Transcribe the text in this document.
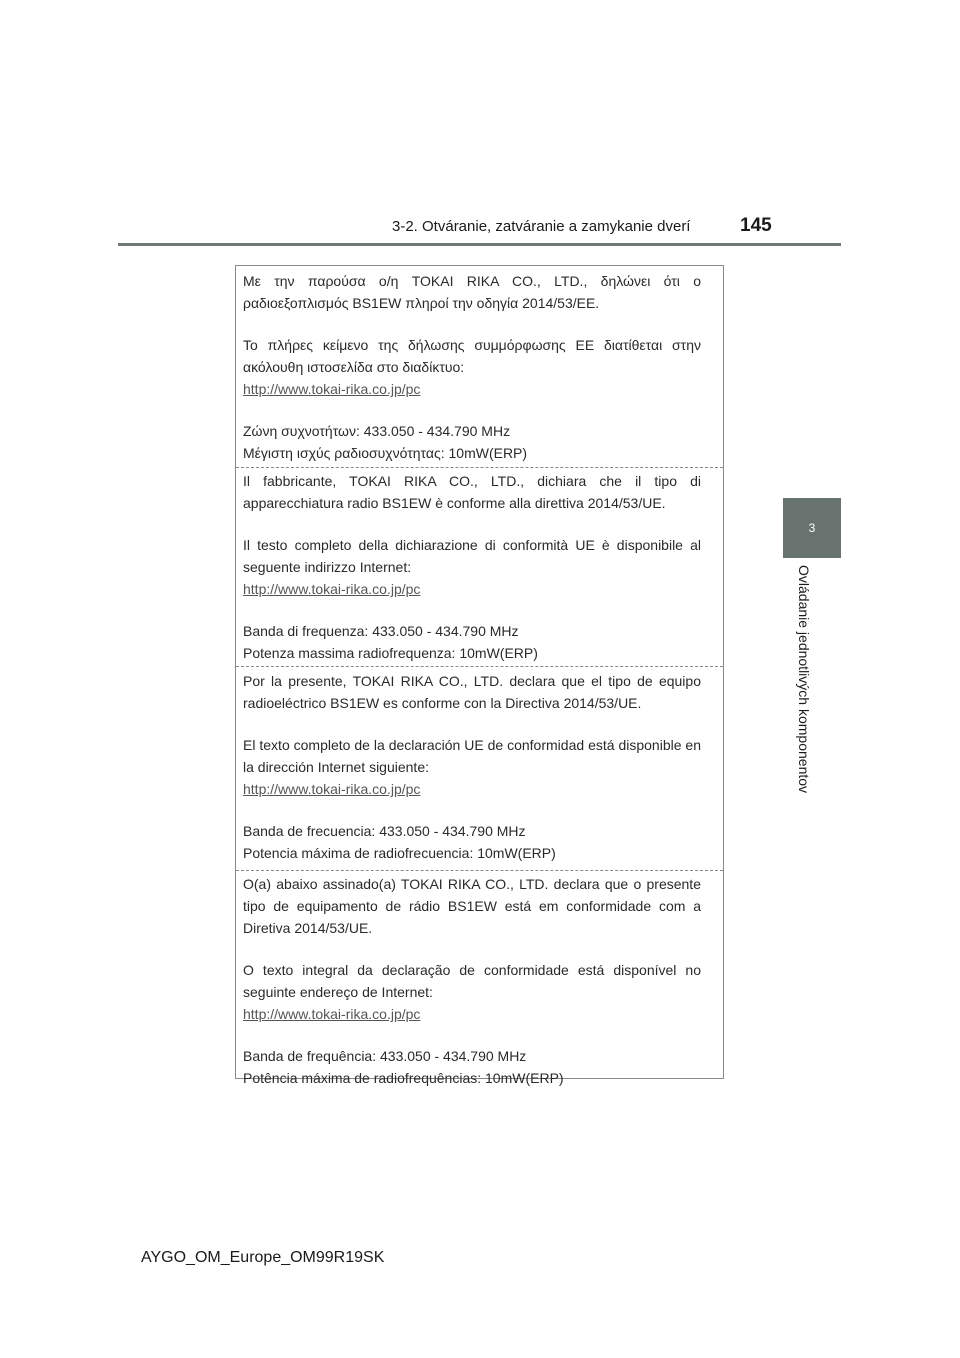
3-2. Otváranie, zatváranie a zamykanie dverí	145
3
Ovládanie jednotlivých komponentov

Με την παρούσα ο/η TOKAI RIKA CO., LTD., δηλώνει ότι ο ραδιοεξοπλισμός BS1EW πληροί την οδηγία 2014/53/ΕΕ.

Το πλήρες κείμενο της δήλωσης συμμόρφωσης ΕΕ διατίθεται στην ακόλουθη ιστοσελίδα στο διαδίκτυο:

http://www.tokai-rika.co.jp/pc

Ζώνη συχνοτήτων: 433.050 - 434.790 MHz

Μέγιστη ισχύς ραδιοσυχνότητας: 10mW(ERP)

Il fabbricante, TOKAI RIKA CO., LTD., dichiara che il tipo di apparecchiatura radio BS1EW è conforme alla direttiva 2014/53/UE.

Il testo completo della dichiarazione di conformità UE è disponibile al seguente indirizzo Internet:

http://www.tokai-rika.co.jp/pc

Banda di frequenza: 433.050 - 434.790 MHz

Potenza massima radiofrequenza: 10mW(ERP)

Por la presente, TOKAI RIKA CO., LTD. declara que el tipo de equipo radioeléctrico BS1EW es conforme con la Directiva 2014/53/UE.

El texto completo de la declaración UE de conformidad está disponible en la dirección Internet siguiente:

http://www.tokai-rika.co.jp/pc

Banda de frecuencia: 433.050 - 434.790 MHz

Potencia máxima de radiofrecuencia: 10mW(ERP)

O(a) abaixo assinado(a) TOKAI RIKA CO., LTD. declara que o presente tipo de equipamento de rádio BS1EW está em conformidade com a Diretiva 2014/53/UE.

O texto integral da declaração de conformidade está disponível no seguinte endereço de Internet:

http://www.tokai-rika.co.jp/pc

Banda de frequência: 433.050 - 434.790 MHz

Potência máxima de radiofrequências: 10mW(ERP)

AYGO_OM_Europe_OM99R19SK
